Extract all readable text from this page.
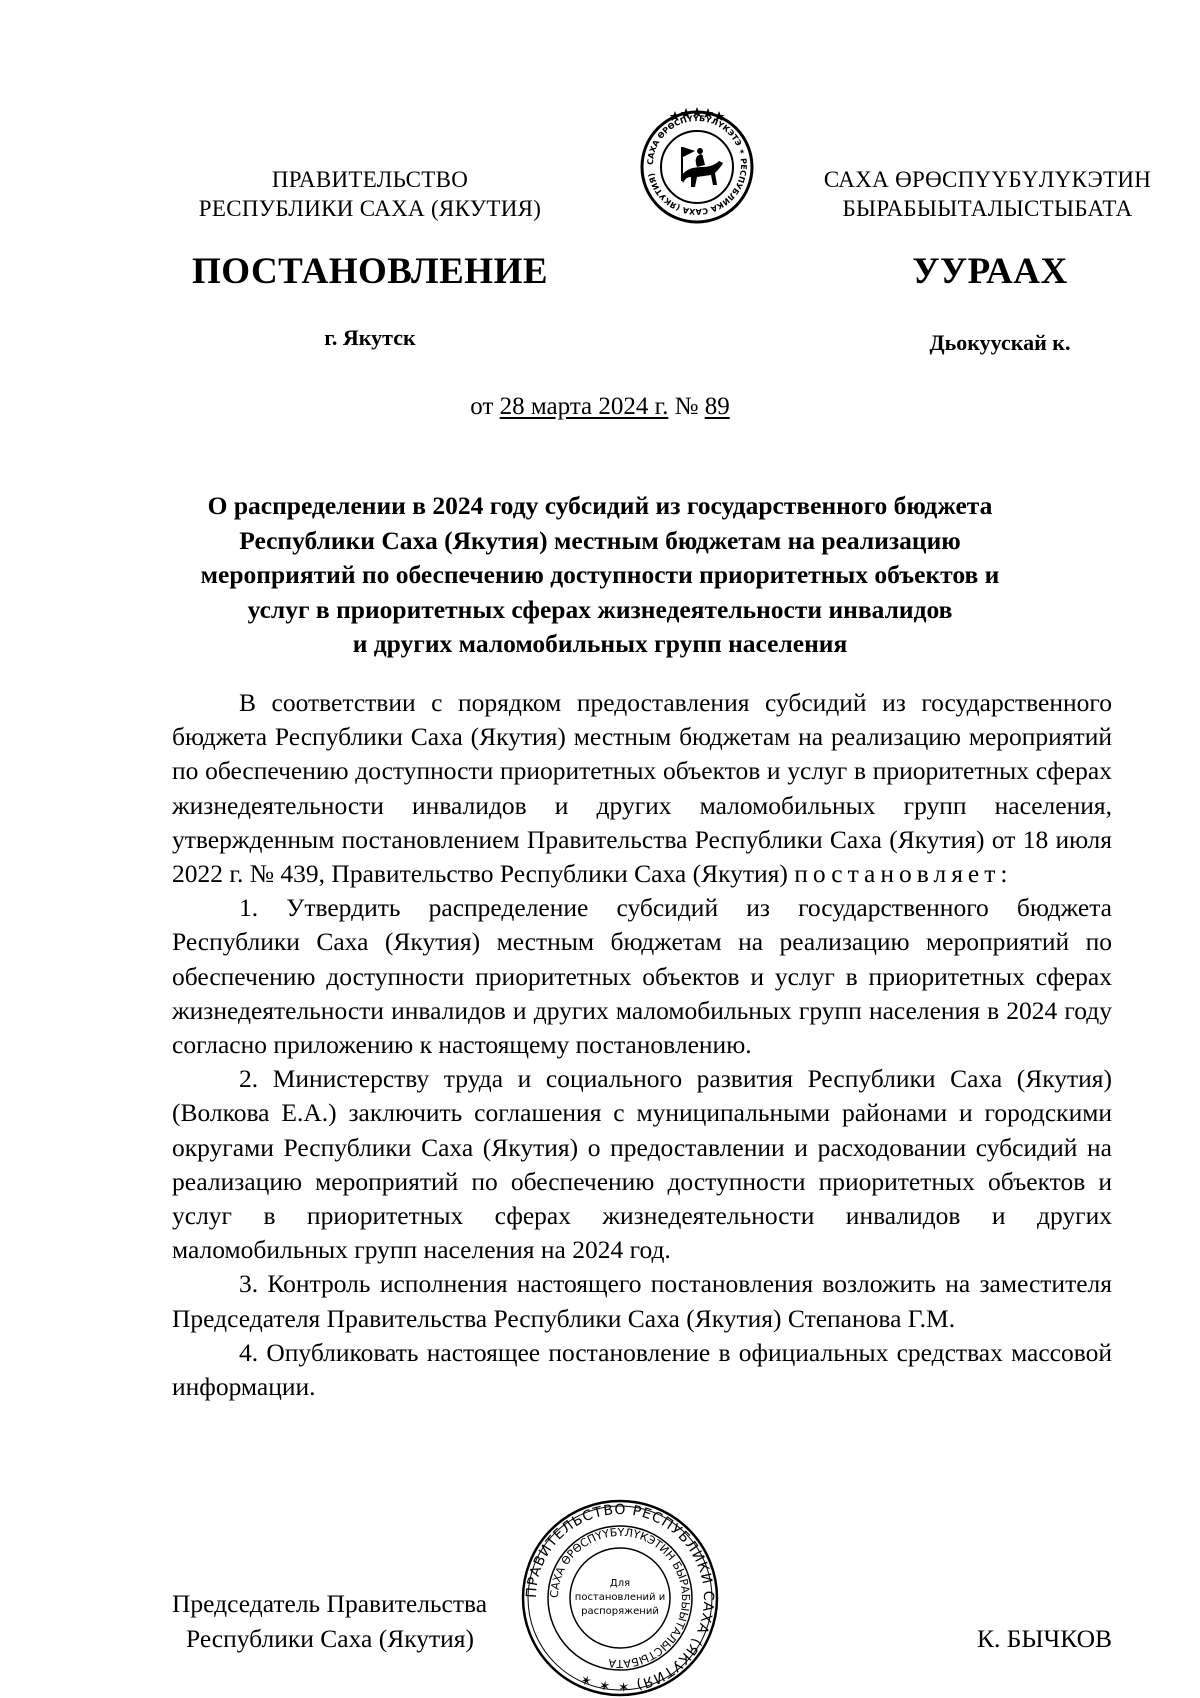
САХА ӨРӨСПҮҮБҮЛҮКЭТЭ ✶ РЕСПУБЛИКА САХА (ЯКУТИЯ)
ПРАВИТЕЛЬСТВО
РЕСПУБЛИКИ САХА (ЯКУТИЯ)
САХА ӨРӨСПҮҮБҮЛҮКЭТИН
БЫРАБЫЫТАЛЫСТЫБАТА
ПОСТАНОВЛЕНИЕ	УУРААХ
г. Якутск	Дьокуускай к.
от 28 марта 2024 г. № 89
О распределении в 2024 году субсидий из государственного бюджета
Республики Саха (Якутия) местным бюджетам на реализацию
мероприятий по обеспечению доступности приоритетных объектов и
услуг в приоритетных сферах жизнедеятельности инвалидов
и других маломобильных групп населения

В соответствии с порядком предоставления субсидий из государственного бюджета Республики Саха (Якутия) местным бюджетам на реализацию мероприятий по обеспечению доступности приоритетных объектов и услуг в приоритетных сферах жизнедеятельности инвалидов и других маломобильных групп населения, утвержденным постановлением Правительства Республики Саха (Якутия) от 18 июля 2022 г. № 439, Правительство Республики Саха (Якутия) постановляет:

1. Утвердить распределение субсидий из государственного бюджета Республики Саха (Якутия) местным бюджетам на реализацию мероприятий по обеспечению доступности приоритетных объектов и услуг в приоритетных сферах жизнедеятельности инвалидов и других маломобильных групп населения в 2024 году согласно приложению к настоящему постановлению.

2. Министерству труда и социального развития Республики Саха (Якутия) (Волкова Е.А.) заключить соглашения с муниципальными районами и городскими округами Республики Саха (Якутия) о предоставлении и расходовании субсидий на реализацию мероприятий по обеспечению доступности приоритетных объектов и услуг в приоритетных сферах жизнедеятельности инвалидов и других маломобильных групп населения на 2024 год.

3. Контроль исполнения настоящего постановления возложить на заместителя Председателя Правительства Республики Саха (Якутия) Степанова Г.М.

4. Опубликовать настоящее постановление в официальных средствах массовой информации.

ПРАВИТЕЛЬСТВО РЕСПУБЛИКИ САХА (ЯКУТИЯ) ✶ ✶ ✶
САХА ӨРӨСПҮҮБҮЛҮКЭТИН БЫРАБЫЫТАЛЫСТЫБАТА
Для
постановлений и
распоряжений
Председатель Правительства
Республики Саха (Якутия)	К. БЫЧКОВ
